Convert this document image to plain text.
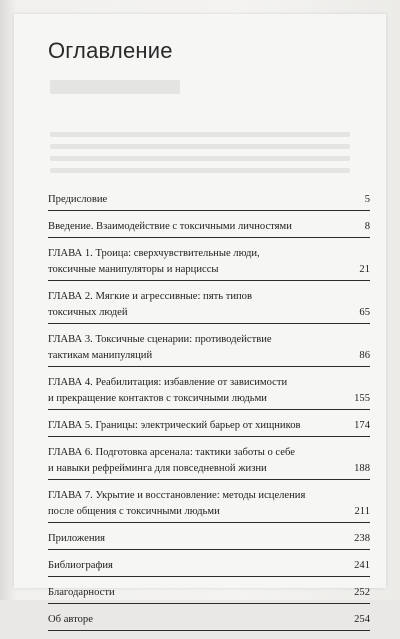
Оглавление
Предисловие	5
Введение. Взаимодействие с токсичными личностями	8
ГЛАВА 1. Троица: сверхчувствительные люди,
токсичные манипуляторы и нарциссы	21
ГЛАВА 2. Мягкие и агрессивные: пять типов
токсичных людей	65
ГЛАВА 3. Токсичные сценарии: противодействие
тактикам манипуляций	86
ГЛАВА 4. Реабилитация: избавление от зависимости
и прекращение контактов с токсичными людьми	155
ГЛАВА 5. Границы: электрический барьер от хищников	174
ГЛАВА 6. Подготовка арсенала: тактики заботы о себе
и навыки рефрейминга для повседневной жизни	188
ГЛАВА 7. Укрытие и восстановление: методы исцеления
после общения с токсичными людьми	211
Приложения	238
Библиография	241
Благодарности	252
Об авторе	254
